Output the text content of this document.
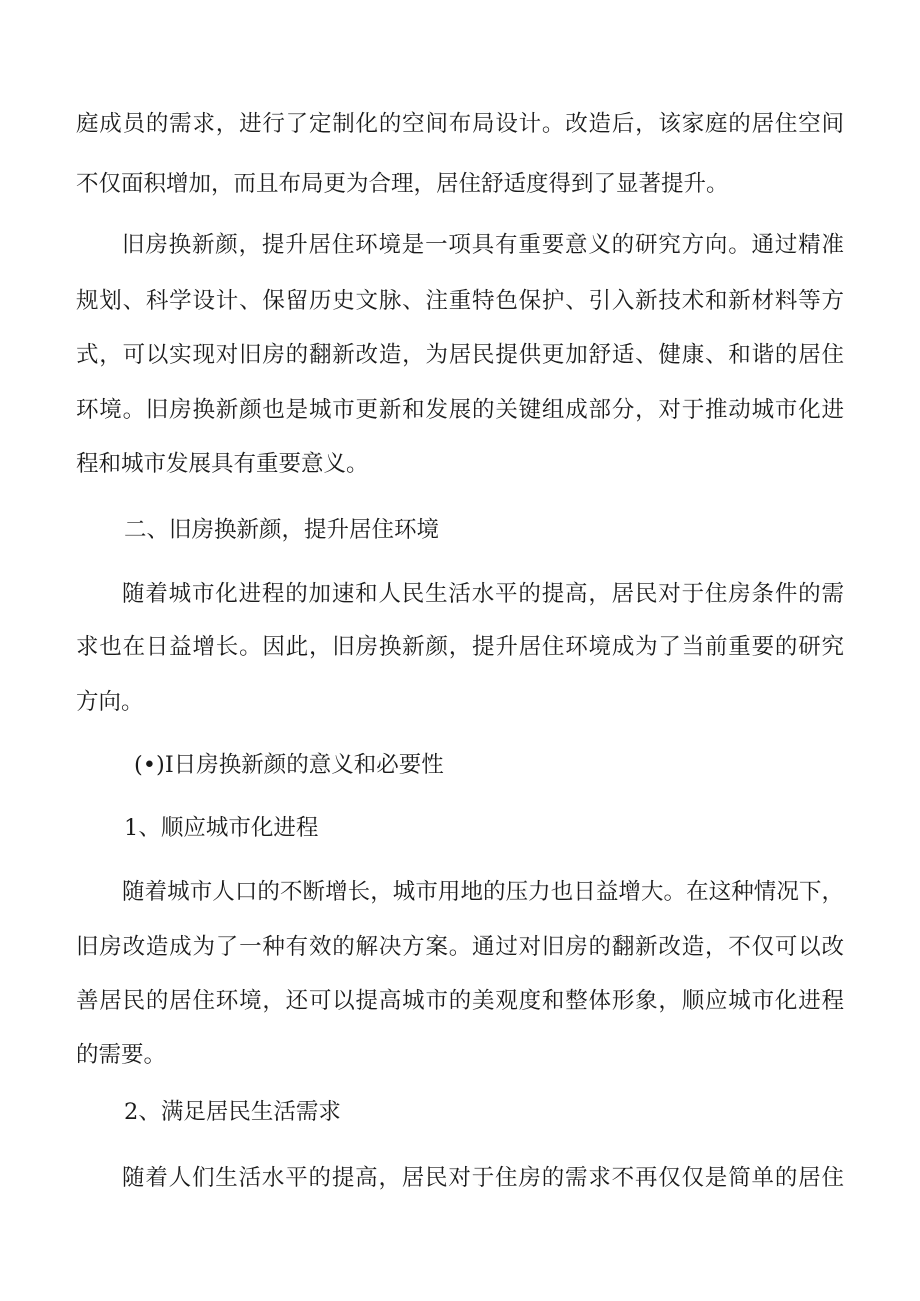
庭成员的需求，进行了定制化的空间布局设计。改造后，该家庭的居住空间
不仅面积增加，而且布局更为合理，居住舒适度得到了显著提升。
旧房换新颜，提升居住环境是一项具有重要意义的研究方向。通过精准
规划、科学设计、保留历史文脉、注重特色保护、引入新技术和新材料等方
式，可以实现对旧房的翻新改造，为居民提供更加舒适、健康、和谐的居住
环境。旧房换新颜也是城市更新和发展的关键组成部分，对于推动城市化进
程和城市发展具有重要意义。
二、旧房换新颜，提升居住环境
随着城市化进程的加速和人民生活水平的提高，居民对于住房条件的需
求也在日益增长。因此，旧房换新颜，提升居住环境成为了当前重要的研究
方向。
(•)I日房换新颜的意义和必要性
1、顺应城市化进程
随着城市人口的不断增长，城市用地的压力也日益增大。在这种情况下，
旧房改造成为了一种有效的解决方案。通过对旧房的翻新改造，不仅可以改
善居民的居住环境，还可以提高城市的美观度和整体形象，顺应城市化进程
的需要。
2、满足居民生活需求
随着人们生活水平的提高，居民对于住房的需求不再仅仅是简单的居住
